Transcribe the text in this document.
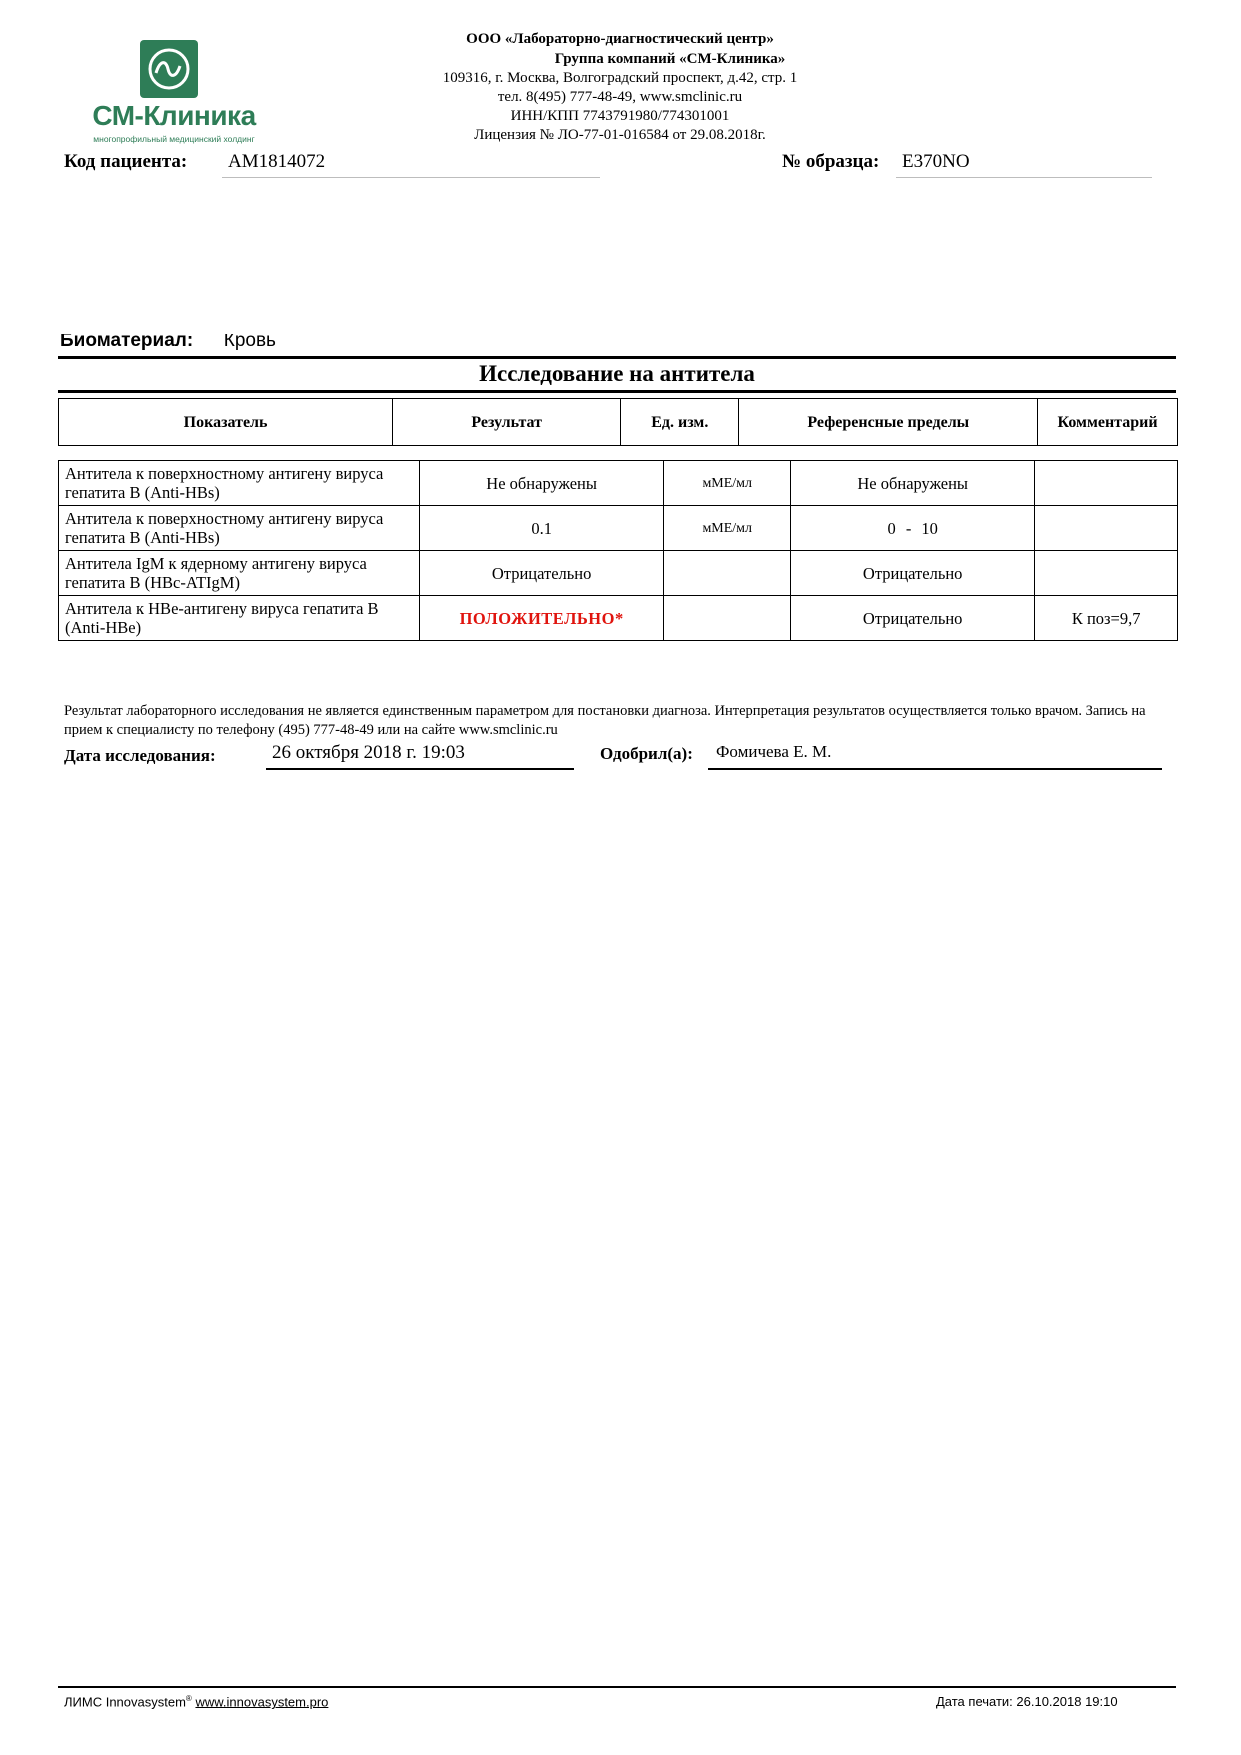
СМ-Клиника
многопрофильный медицинский холдинг
ООО «Лабораторно-диагностический центр»
Группа компаний «СМ-Клиника»
109316, г. Москва, Волгоградский проспект, д.42, стр. 1
тел. 8(495) 777-48-49, www.smclinic.ru
ИНН/КПП 7743791980/774301001
Лицензия № ЛО-77-01-016584 от 29.08.2018г.
Код пациента: AM1814072	№ образца: E370NO
Биоматериал: Кровь
Исследование на антитела
Показатель	Результат	Ед. изм.	Референсные пределы	Комментарий
Антитела к поверхностному антигену вируса гепатита В (Anti-HBs)	Не обнаружены	мМЕ/мл	Не обнаружены	
Антитела к поверхностному антигену вируса гепатита В (Anti-HBs)	0.1	мМЕ/мл	0 - 10	
Антитела IgM к ядерному антигену вируса гепатита В (HBc-ATIgM)	Отрицательно		Отрицательно	
Антитела к HBe-антигену вируса гепатита В (Anti-HBe)	ПОЛОЖИТЕЛЬНО*		Отрицательно	К поз=9,7
Результат лабораторного исследования не является единственным параметром для постановки диагноза. Интерпретация результатов осуществляется только врачом. Запись на прием к специалисту по телефону (495) 777-48-49 или на сайте www.smclinic.ru
Дата исследования:	26 октября 2018 г. 19:03	Одобрил(а): Фомичева Е. М.
ЛИМС Innovasystem® www.innovasystem.pro	Дата печати: 26.10.2018 19:10
